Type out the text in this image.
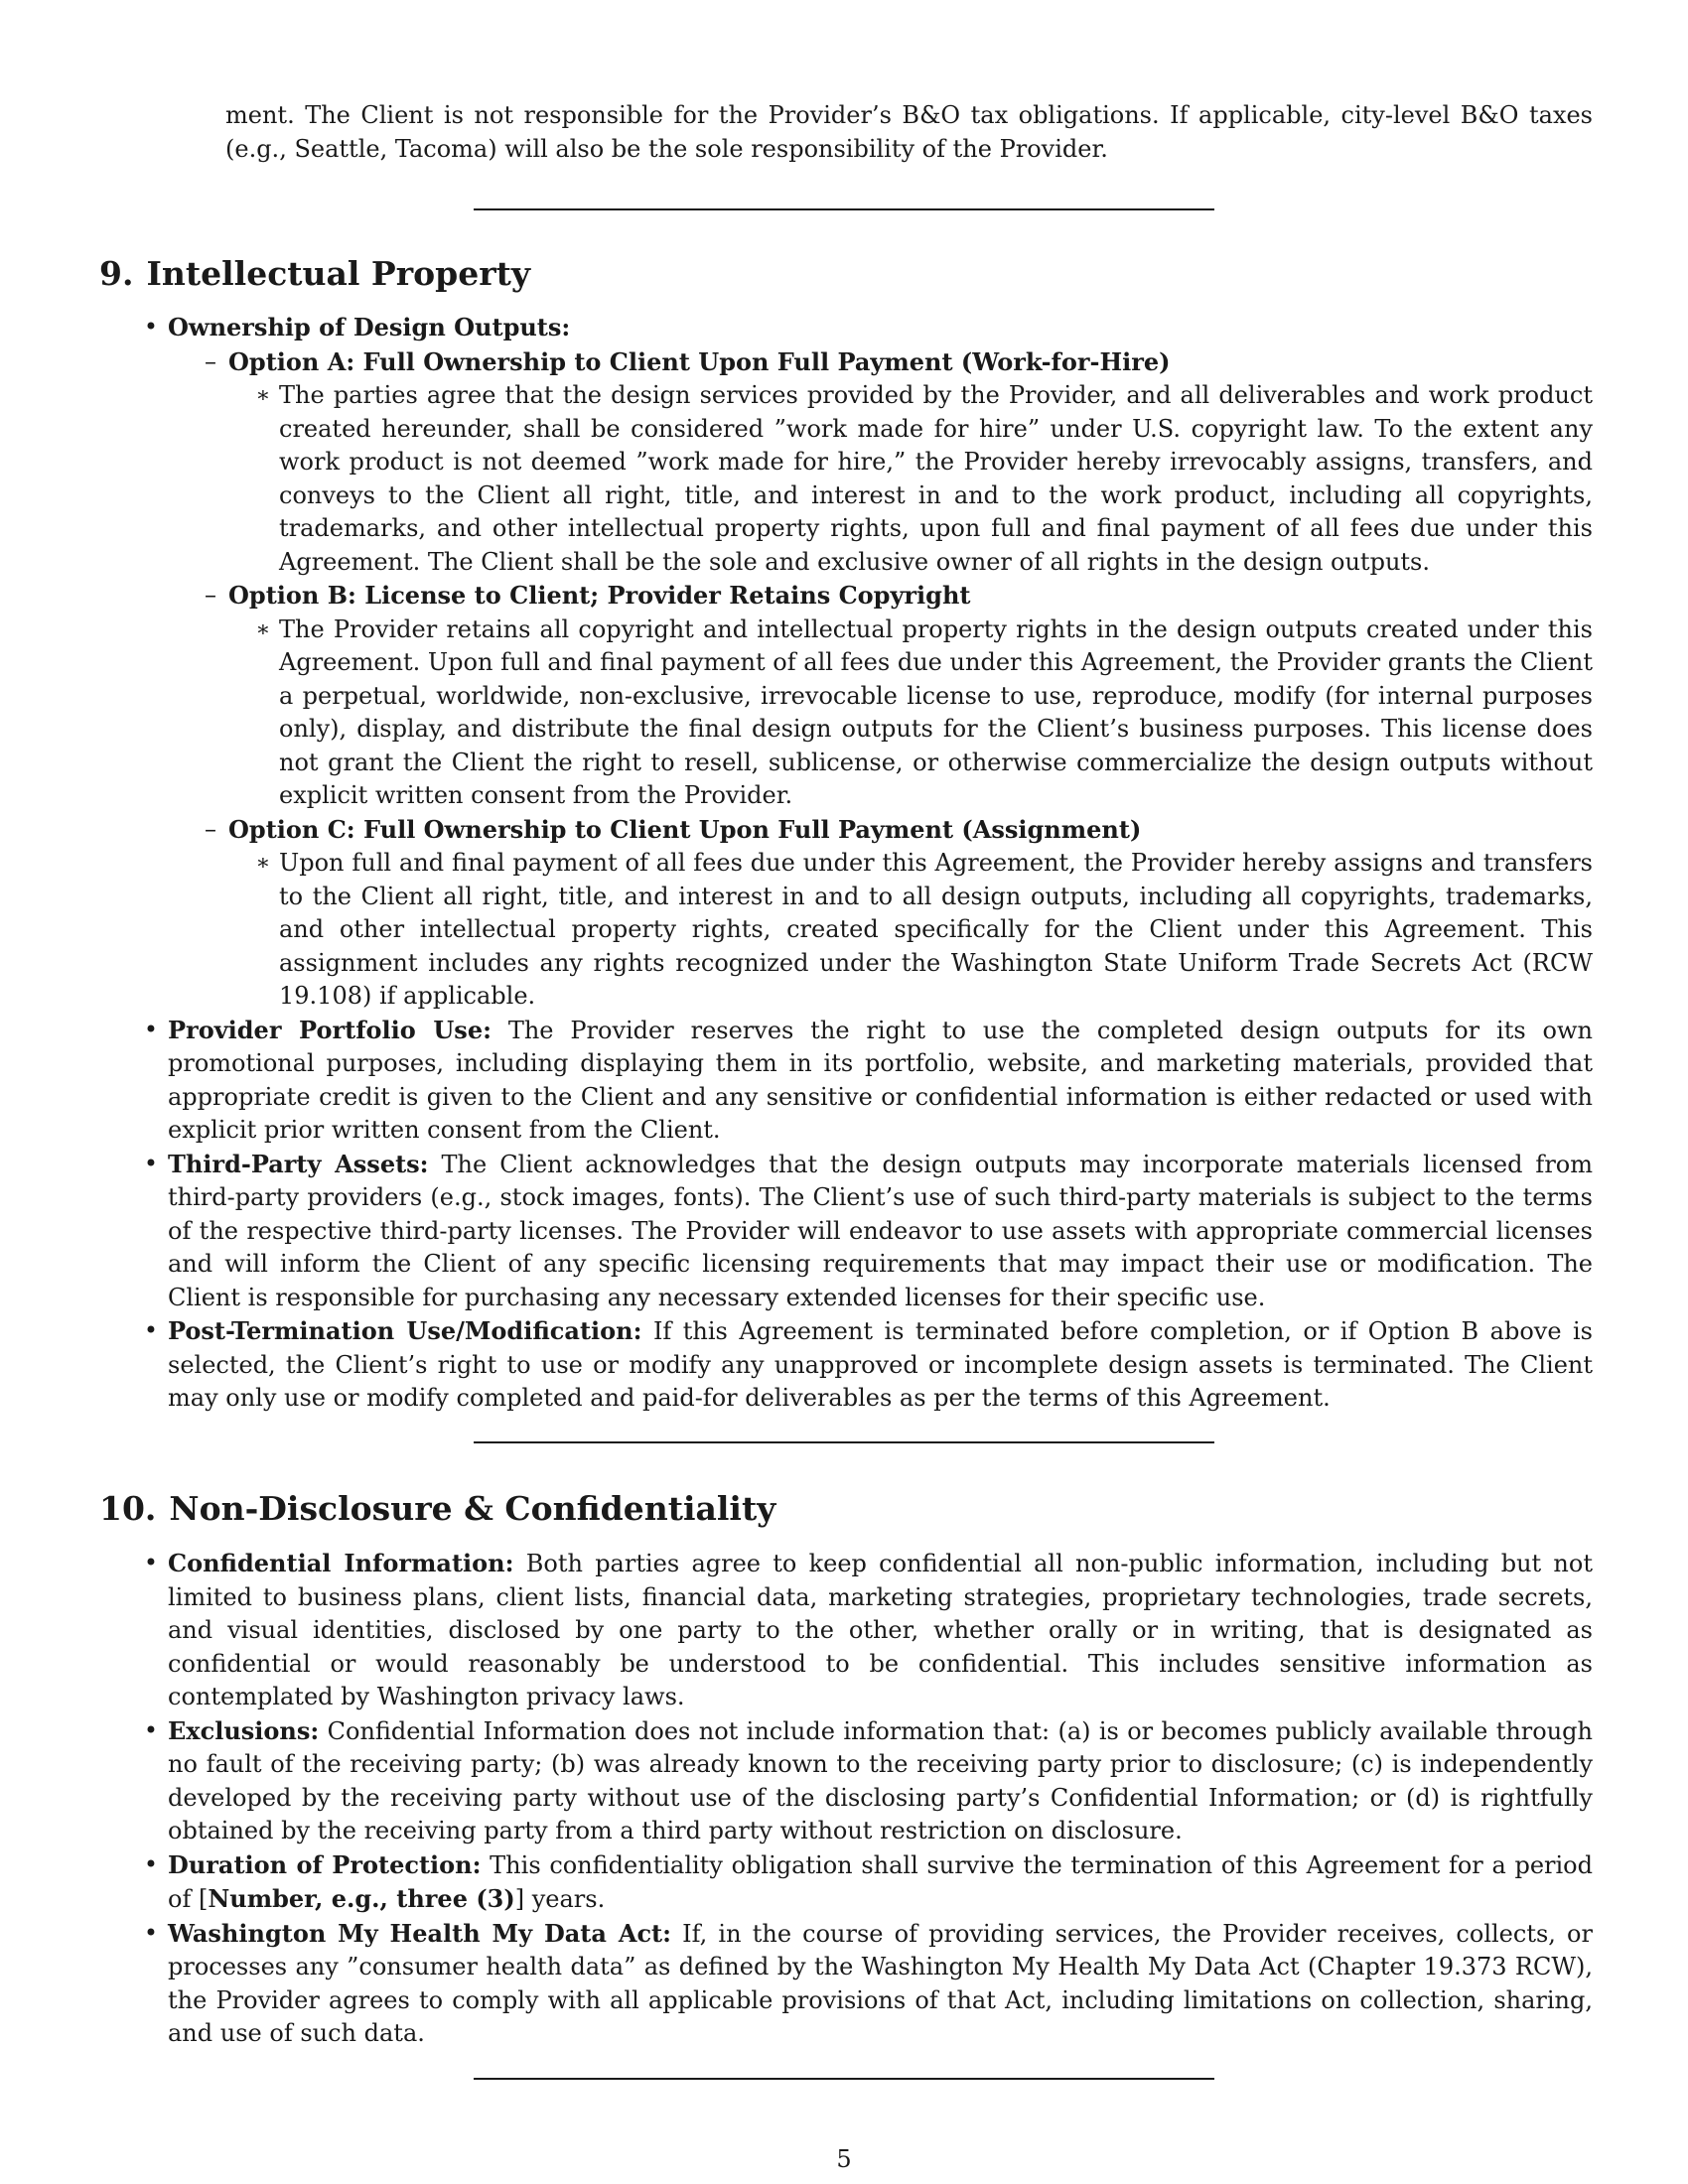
ment. The Client is not responsible for the Provider’s B&O tax obligations. If applicable, city-level B&O taxes (e.g., Seattle, Tacoma) will also be the sole responsibility of the Provider.

9. Intellectual Property
• Ownership of Design Outputs:
– Option A: Full Ownership to Client Upon Full Payment (Work-for-Hire)
∗ The parties agree that the design services provided by the Provider, and all deliverables and work product created hereunder, shall be considered ”work made for hire” under U.S. copyright law. To the extent any work product is not deemed ”work made for hire,” the Provider hereby irrevocably assigns, transfers, and conveys to the Client all right, title, and interest in and to the work product, including all copyrights, trademarks, and other intellectual property rights, upon full and final payment of all fees due under this Agreement. The Client shall be the sole and exclusive owner of all rights in the design outputs.
– Option B: License to Client; Provider Retains Copyright
∗ The Provider retains all copyright and intellectual property rights in the design outputs created under this Agreement. Upon full and final payment of all fees due under this Agreement, the Provider grants the Client a perpetual, worldwide, non-exclusive, irrevocable license to use, reproduce, modify (for internal purposes only), display, and distribute the final design outputs for the Client’s business purposes. This license does not grant the Client the right to resell, sublicense, or otherwise commercialize the design outputs without explicit written consent from the Provider.
– Option C: Full Ownership to Client Upon Full Payment (Assignment)
∗ Upon full and final payment of all fees due under this Agreement, the Provider hereby assigns and transfers to the Client all right, title, and interest in and to all design outputs, including all copyrights, trademarks, and other intellectual property rights, created specifically for the Client under this Agreement. This assignment includes any rights recognized under the Washington State Uniform Trade Secrets Act (RCW 19.108) if applicable.
• Provider Portfolio Use: The Provider reserves the right to use the completed design outputs for its own promotional purposes, including displaying them in its portfolio, website, and marketing materials, provided that appropriate credit is given to the Client and any sensitive or confidential information is either redacted or used with explicit prior written consent from the Client.
• Third-Party Assets: The Client acknowledges that the design outputs may incorporate materials licensed from third-party providers (e.g., stock images, fonts). The Client’s use of such third-party materials is subject to the terms of the respective third-party licenses. The Provider will endeavor to use assets with appropriate commercial licenses and will inform the Client of any specific licensing requirements that may impact their use or modification. The Client is responsible for purchasing any necessary extended licenses for their specific use.
• Post-Termination Use/Modification: If this Agreement is terminated before completion, or if Option B above is selected, the Client’s right to use or modify any unapproved or incomplete design assets is terminated. The Client may only use or modify completed and paid-for deliverables as per the terms of this Agreement.
10. Non-Disclosure & Confidentiality
• Confidential Information: Both parties agree to keep confidential all non-public information, including but not limited to business plans, client lists, financial data, marketing strategies, proprietary technologies, trade secrets, and visual identities, disclosed by one party to the other, whether orally or in writing, that is designated as confidential or would reasonably be understood to be confidential. This includes sensitive information as contemplated by Washington privacy laws.
• Exclusions: Confidential Information does not include information that: (a) is or becomes publicly available through no fault of the receiving party; (b) was already known to the receiving party prior to disclosure; (c) is independently developed by the receiving party without use of the disclosing party’s Confidential Information; or (d) is rightfully obtained by the receiving party from a third party without restriction on disclosure.
• Duration of Protection: This confidentiality obligation shall survive the termination of this Agreement for a period of [Number, e.g., three (3)] years.
• Washington My Health My Data Act: If, in the course of providing services, the Provider receives, collects, or processes any ”consumer health data” as defined by the Washington My Health My Data Act (Chapter 19.373 RCW), the Provider agrees to comply with all applicable provisions of that Act, including limitations on collection, sharing, and use of such data.
5
